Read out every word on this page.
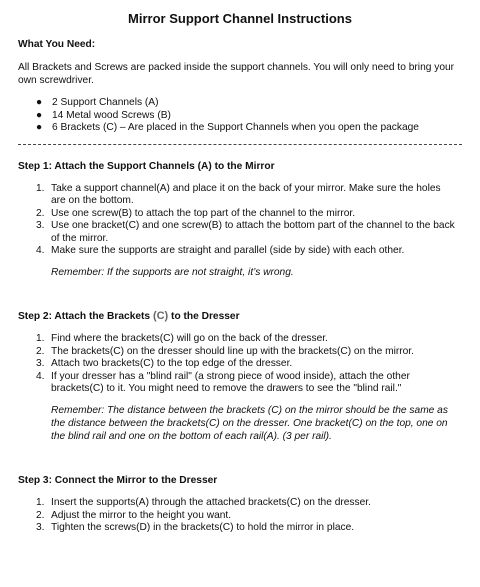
Mirror Support Channel Instructions
What You Need:
All Brackets and Screws are packed inside the support channels. You will only need to bring your own screwdriver.
● 2 Support Channels (A)
● 14 Metal wood Screws (B)
● 6 Brackets (C) – Are placed in the Support Channels when you open the package
Step 1: Attach the Support Channels (A) to the Mirror
1. Take a support channel(A) and place it on the back of your mirror. Make sure the holes are on the bottom.
2. Use one screw(B) to attach the top part of the channel to the mirror.
3. Use one bracket(C) and one screw(B) to attach the bottom part of the channel to the back of the mirror.
4. Make sure the supports are straight and parallel (side by side) with each other.
Remember: If the supports are not straight, it’s wrong.
Step 2: Attach the Brackets (C) to the Dresser
1. Find where the brackets(C) will go on the back of the dresser.
2. The brackets(C) on the dresser should line up with the brackets(C) on the mirror.
3. Attach two brackets(C) to the top edge of the dresser.
4. If your dresser has a "blind rail" (a strong piece of wood inside), attach the other brackets(C) to it. You might need to remove the drawers to see the "blind rail."
Remember: The distance between the brackets (C) on the mirror should be the same as the distance between the brackets(C) on the dresser. One bracket(C) on the top, one on the blind rail and one on the bottom of each rail(A). (3 per rail).
Step 3: Connect the Mirror to the Dresser
1. Insert the supports(A) through the attached brackets(C) on the dresser.
2. Adjust the mirror to the height you want.
3. Tighten the screws(D) in the brackets(C) to hold the mirror in place.
